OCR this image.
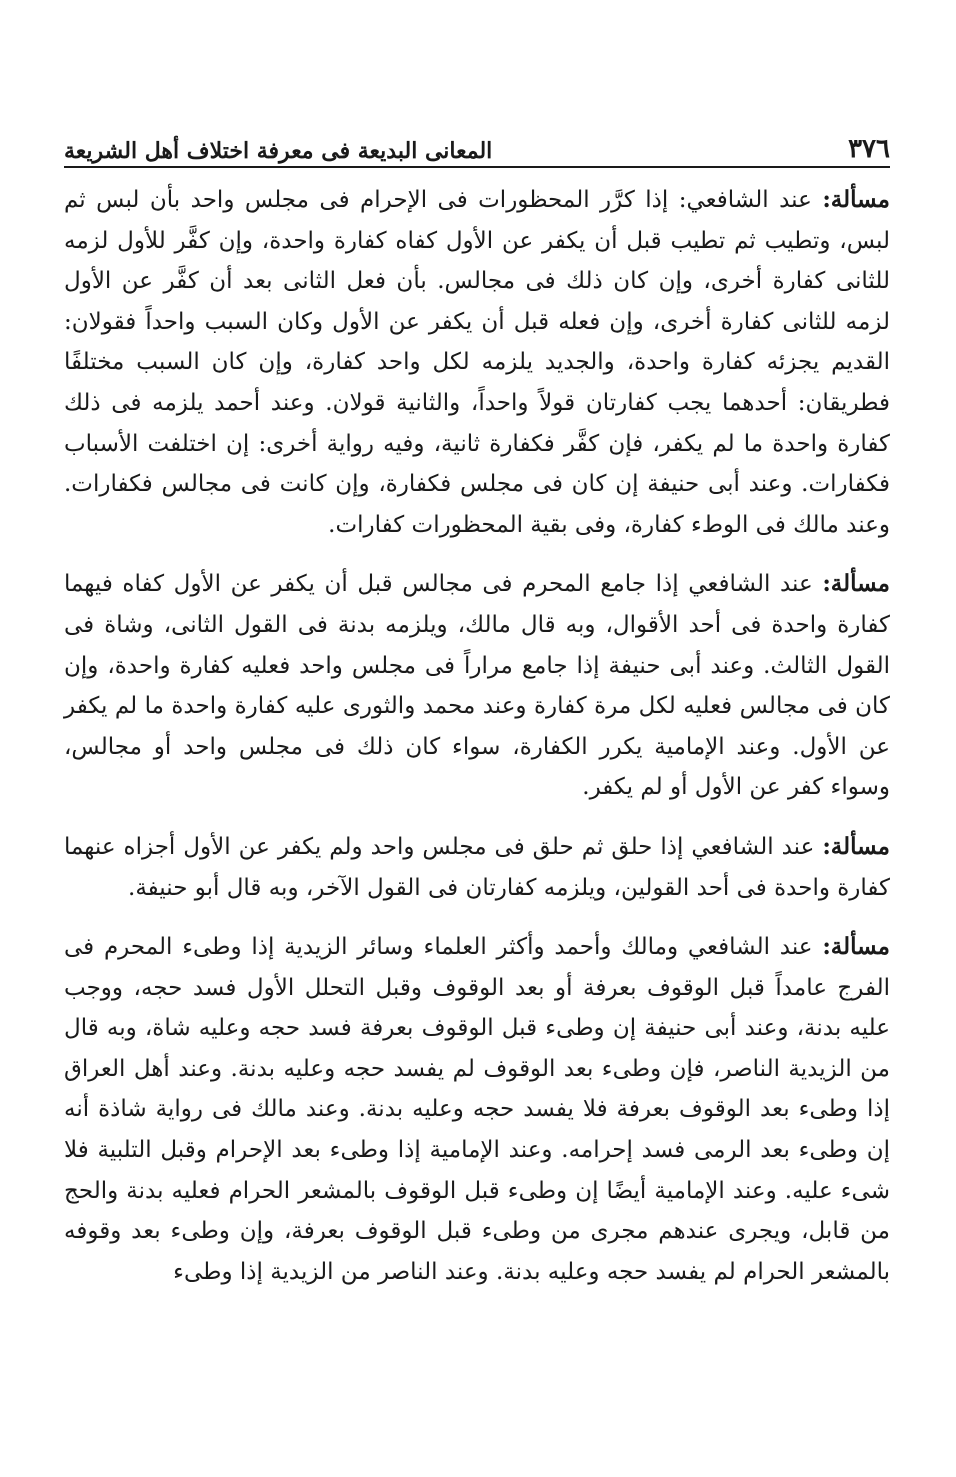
٣٧٦
المعانى البديعة فى معرفة اختلاف أهل الشريعة

مسألة: عند الشافعي: إذا كرَّر المحظورات فى الإحرام فى مجلس واحد بأن لبس ثم لبس، وتطيب ثم تطيب قبل أن يكفر عن الأول كفاه كفارة واحدة، وإن كفَّر للأول لزمه للثانى كفارة أخرى، وإن كان ذلك فى مجالس. بأن فعل الثانى بعد أن كفَّر عن الأول لزمه للثانى كفارة أخرى، وإن فعله قبل أن يكفر عن الأول وكان السبب واحداً فقولان: القديم يجزئه كفارة واحدة، والجديد يلزمه لكل واحد كفارة، وإن كان السبب مختلفًا فطريقان: أحدهما يجب كفارتان قولاً واحداً، والثانية قولان. وعند أحمد يلزمه فى ذلك كفارة واحدة ما لم يكفر، فإن كفَّر فكفارة ثانية، وفيه رواية أخرى: إن اختلفت الأسباب فكفارات. وعند أبى حنيفة إن كان فى مجلس فكفارة، وإن كانت فى مجالس فكفارات. وعند مالك فى الوطء كفارة، وفى بقية المحظورات كفارات.

مسألة: عند الشافعي إذا جامع المحرم فى مجالس قبل أن يكفر عن الأول كفاه فيهما كفارة واحدة فى أحد الأقوال، وبه قال مالك، ويلزمه بدنة فى القول الثانى، وشاة فى القول الثالث. وعند أبى حنيفة إذا جامع مراراً فى مجلس واحد فعليه كفارة واحدة، وإن كان فى مجالس فعليه لكل مرة كفارة وعند محمد والثورى عليه كفارة واحدة ما لم يكفر عن الأول. وعند الإمامية يكرر الكفارة، سواء كان ذلك فى مجلس واحد أو مجالس، وسواء كفر عن الأول أو لم يكفر.

مسألة: عند الشافعي إذا حلق ثم حلق فى مجلس واحد ولم يكفر عن الأول أجزاه عنهما كفارة واحدة فى أحد القولين، ويلزمه كفارتان فى القول الآخر، وبه قال أبو حنيفة.

مسألة: عند الشافعي ومالك وأحمد وأكثر العلماء وسائر الزيدية إذا وطىء المحرم فى الفرج عامداً قبل الوقوف بعرفة أو بعد الوقوف وقبل التحلل الأول فسد حجه، ووجب عليه بدنة، وعند أبى حنيفة إن وطىء قبل الوقوف بعرفة فسد حجه وعليه شاة، وبه قال من الزيدية الناصر، فإن وطىء بعد الوقوف لم يفسد حجه وعليه بدنة. وعند أهل العراق إذا وطىء بعد الوقوف بعرفة فلا يفسد حجه وعليه بدنة. وعند مالك فى رواية شاذة أنه إن وطىء بعد الرمى فسد إحرامه. وعند الإمامية إذا وطىء بعد الإحرام وقبل التلبية فلا شىء عليه. وعند الإمامية أيضًا إن وطىء قبل الوقوف بالمشعر الحرام فعليه بدنة والحج من قابل، ويجرى عندهم مجرى من وطىء قبل الوقوف بعرفة، وإن وطىء بعد وقوفه بالمشعر الحرام لم يفسد حجه وعليه بدنة. وعند الناصر من الزيدية إذا وطىء
